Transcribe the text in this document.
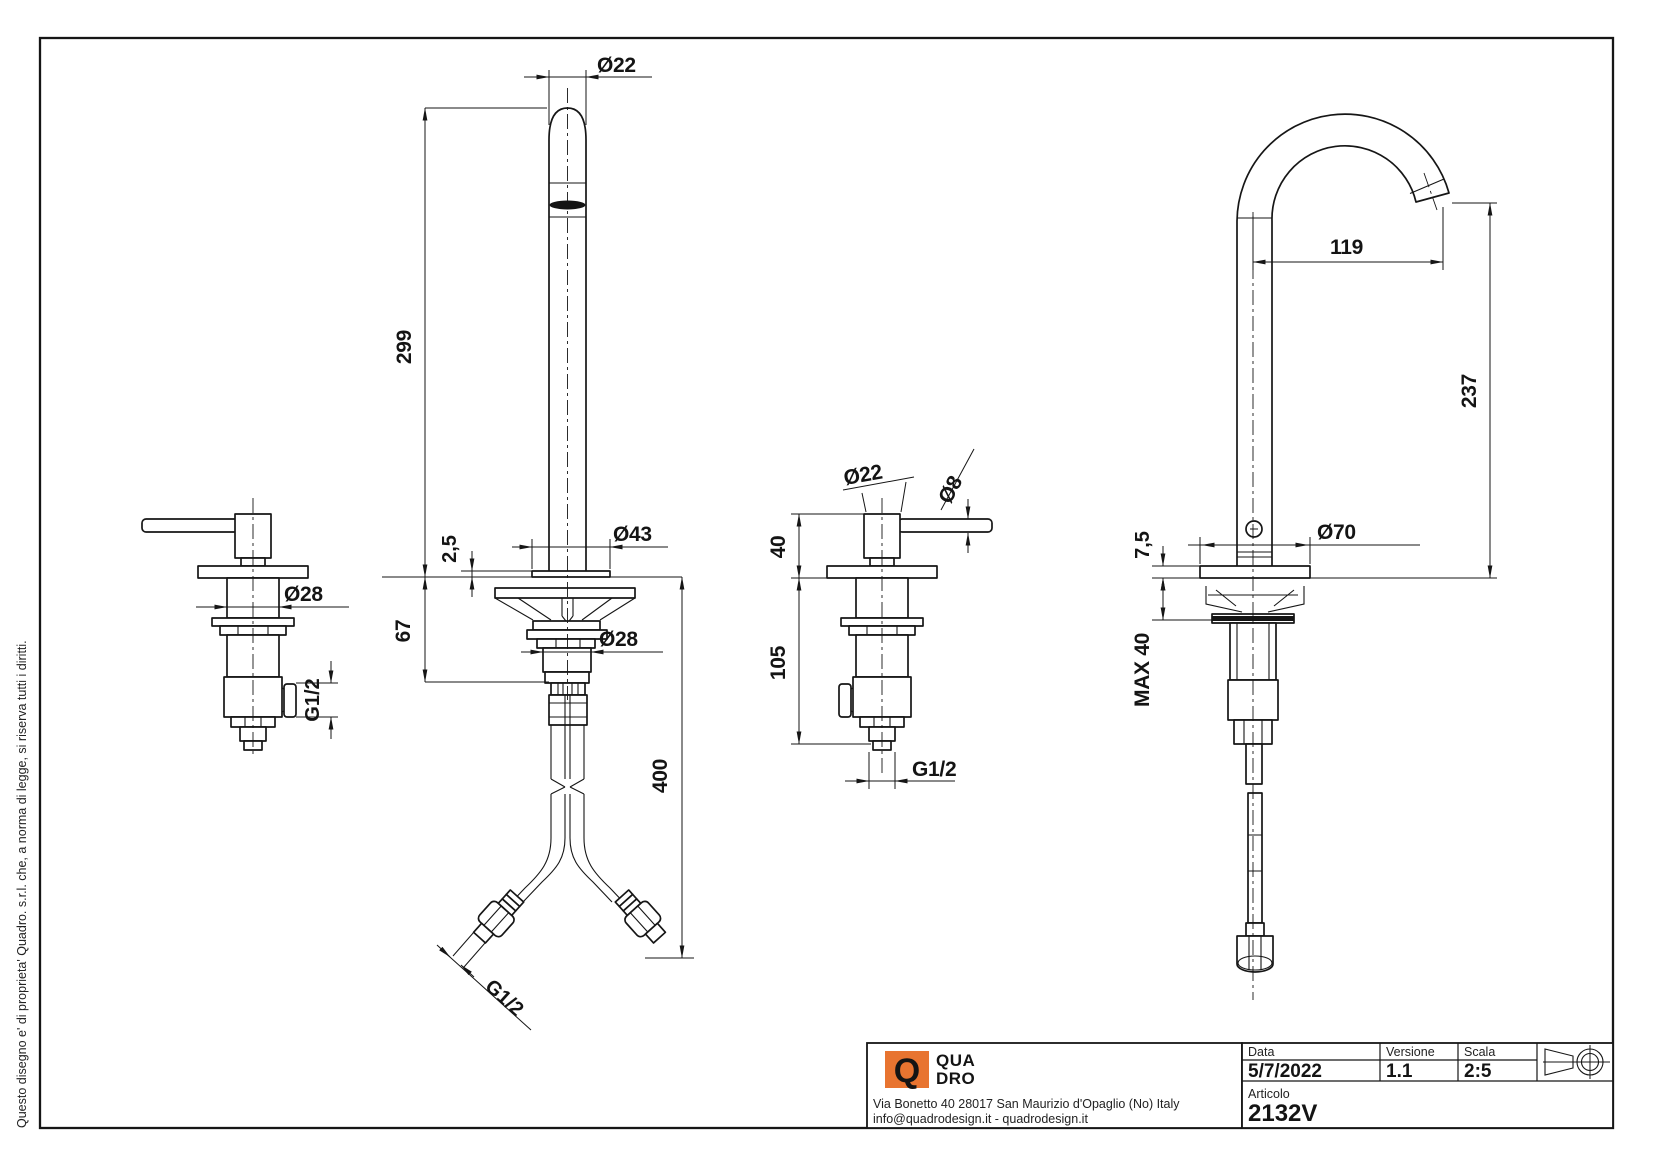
Questo disegno e' di proprieta' Quadro. s.r.l. che, a norma di legge, si riserva tutti i diritti.
Ø28
G1/2
Ø22
299
2,5
Ø43
67	Ø28
400
G1/2
Ø22 Ø8
40
105
G1/2
119
237
Ø70
7,5
MAX 40
Q QUA
DRO
Via Bonetto 40 28017 San Maurizio d'Opaglio (No) Italy
info@quadrodesign.it - quadrodesign.it
Data
5/7/2022
Versione
1.1
Scala
2:5
Articolo
2132V
